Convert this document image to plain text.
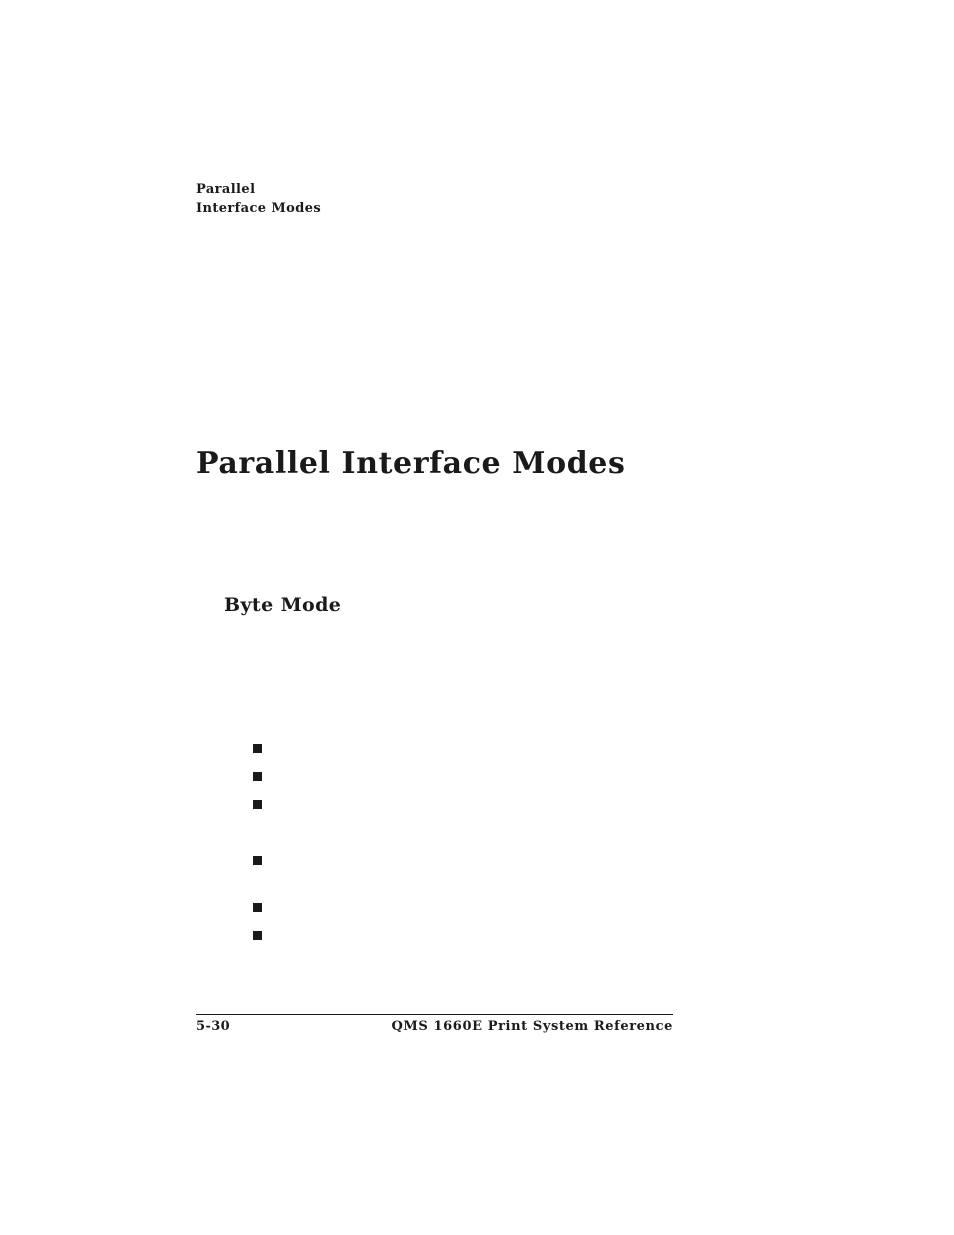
Parallel
Interface Modes
Parallel Interface Modes
Byte Mode
5-30	QMS 1660E Print System Reference
